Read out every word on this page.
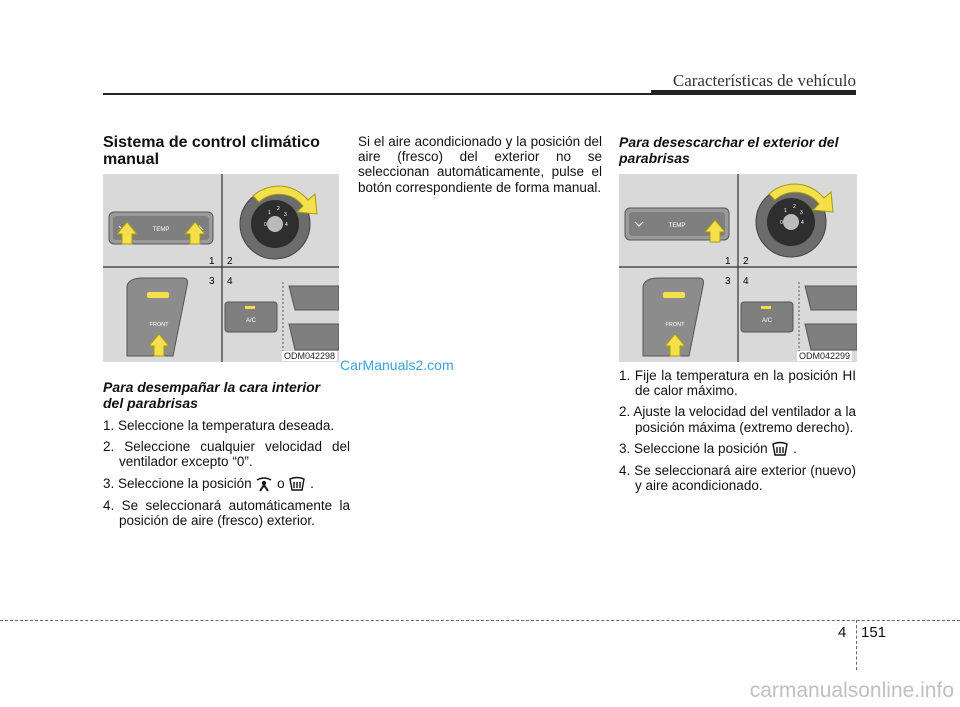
Características de vehículo
Sistema de control climático manual
TEMP
0
1
2
3
4
1 2
3 4
FRONT
A/C
ODM042298
CarManuals2.com
Para desempañar la cara interior del parabrisas
1. Seleccione la temperatura deseada.
2. Seleccione cualquier velocidad del ventilador excepto “0”.
3. Seleccione la posición o .
4. Se seleccionará automáticamente la posición de aire (fresco) exterior.
Si el aire acondicionado y la posición del aire (fresco) del exterior no se seleccionan automáticamente, pulse el botón correspondiente de forma manual.
Para desescarchar el exterior del parabrisas
TEMP	0
1
2
3
4
1 2
3 4
FRONT
A/C
ODM042299
1. Fije la temperatura en la posición HI de calor máximo.
2. Ajuste la velocidad del ventilador a la posición máxima (extremo derecho).
3. Seleccione la posición .
4. Se seleccionará aire exterior (nuevo) y aire acondicionado.
4 151
carmanualsonline.info
